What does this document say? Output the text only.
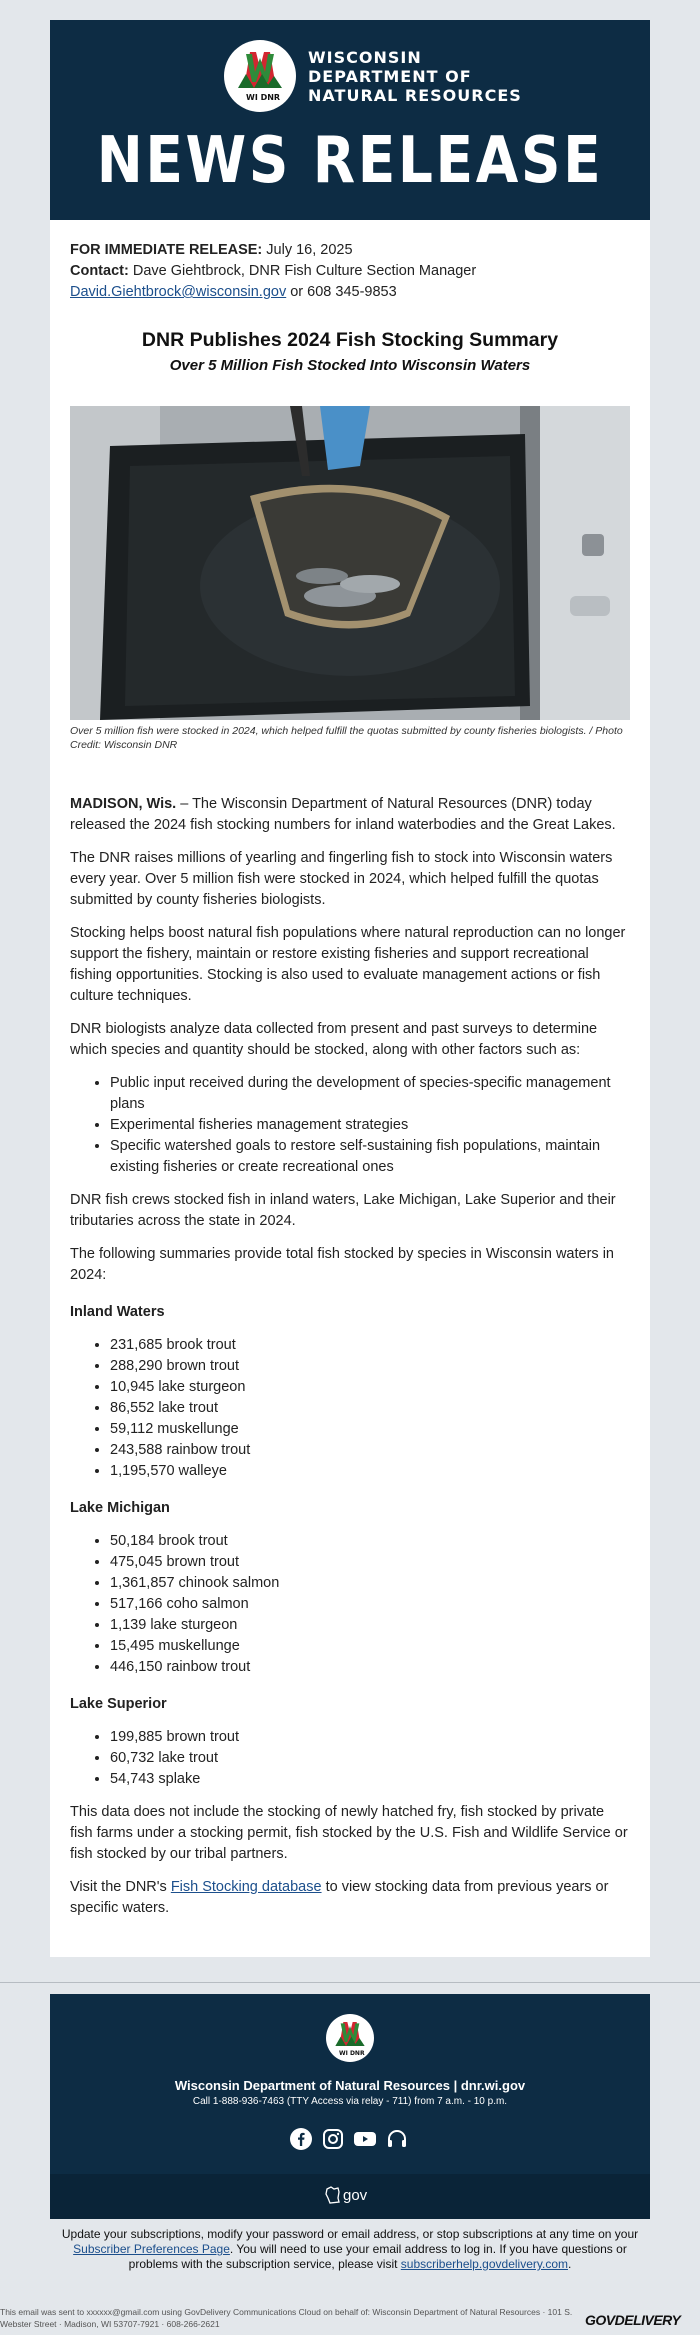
WI DNR
WISCONSIN
DEPARTMENT OF
NATURAL RESOURCES
NEWS RELEASE

FOR IMMEDIATE RELEASE: July 16, 2025

Contact: Dave Giehtbrock, DNR Fish Culture Section Manager

David.Giehtbrock@wisconsin.gov or 608 345-9853

DNR Publishes 2024 Fish Stocking Summary
Over 5 Million Fish Stocked Into Wisconsin Waters
Over 5 million fish were stocked in 2024, which helped fulfill the quotas submitted by county fisheries biologists. / Photo Credit: Wisconsin DNR

MADISON, Wis. – The Wisconsin Department of Natural Resources (DNR) today released the 2024 fish stocking numbers for inland waterbodies and the Great Lakes.

The DNR raises millions of yearling and fingerling fish to stock into Wisconsin waters every year. Over 5 million fish were stocked in 2024, which helped fulfill the quotas submitted by county fisheries biologists.

Stocking helps boost natural fish populations where natural reproduction can no longer support the fishery, maintain or restore existing fisheries and support recreational fishing opportunities. Stocking is also used to evaluate management actions or fish culture techniques.

DNR biologists analyze data collected from present and past surveys to determine which species and quantity should be stocked, along with other factors such as:

• Public input received during the development of species-specific management plans
• Experimental fisheries management strategies
• Specific watershed goals to restore self-sustaining fish populations, maintain existing fisheries or create recreational ones

DNR fish crews stocked fish in inland waters, Lake Michigan, Lake Superior and their tributaries across the state in 2024.

The following summaries provide total fish stocked by species in Wisconsin waters in 2024:

Inland Waters
• 231,685 brook trout
• 288,290 brown trout
• 10,945 lake sturgeon
• 86,552 lake trout
• 59,112 muskellunge
• 243,588 rainbow trout
• 1,195,570 walleye
Lake Michigan
• 50,184 brook trout
• 475,045 brown trout
• 1,361,857 chinook salmon
• 517,166 coho salmon
• 1,139 lake sturgeon
• 15,495 muskellunge
• 446,150 rainbow trout
Lake Superior
• 199,885 brown trout
• 60,732 lake trout
• 54,743 splake

This data does not include the stocking of newly hatched fry, fish stocked by private fish farms under a stocking permit, fish stocked by the U.S. Fish and Wildlife Service or fish stocked by our tribal partners.

Visit the DNR's Fish Stocking database to view stocking data from previous years or specific waters.

WI DNR
Wisconsin Department of Natural Resources | dnr.wi.gov
Call 1-888-936-7463 (TTY Access via relay - 711) from 7 a.m. - 10 p.m.
gov
Update your subscriptions, modify your password or email address, or stop subscriptions at any time on your Subscriber Preferences Page. You will need to use your email address to log in. If you have questions or problems with the subscription service, please visit subscriberhelp.govdelivery.com.
This email was sent to xxxxxx@gmail.com using GovDelivery Communications Cloud on behalf of: Wisconsin Department of Natural Resources · 101 S. Webster Street · Madison, WI 53707-7921 · 608-266-2621	GOVDELIVERY
